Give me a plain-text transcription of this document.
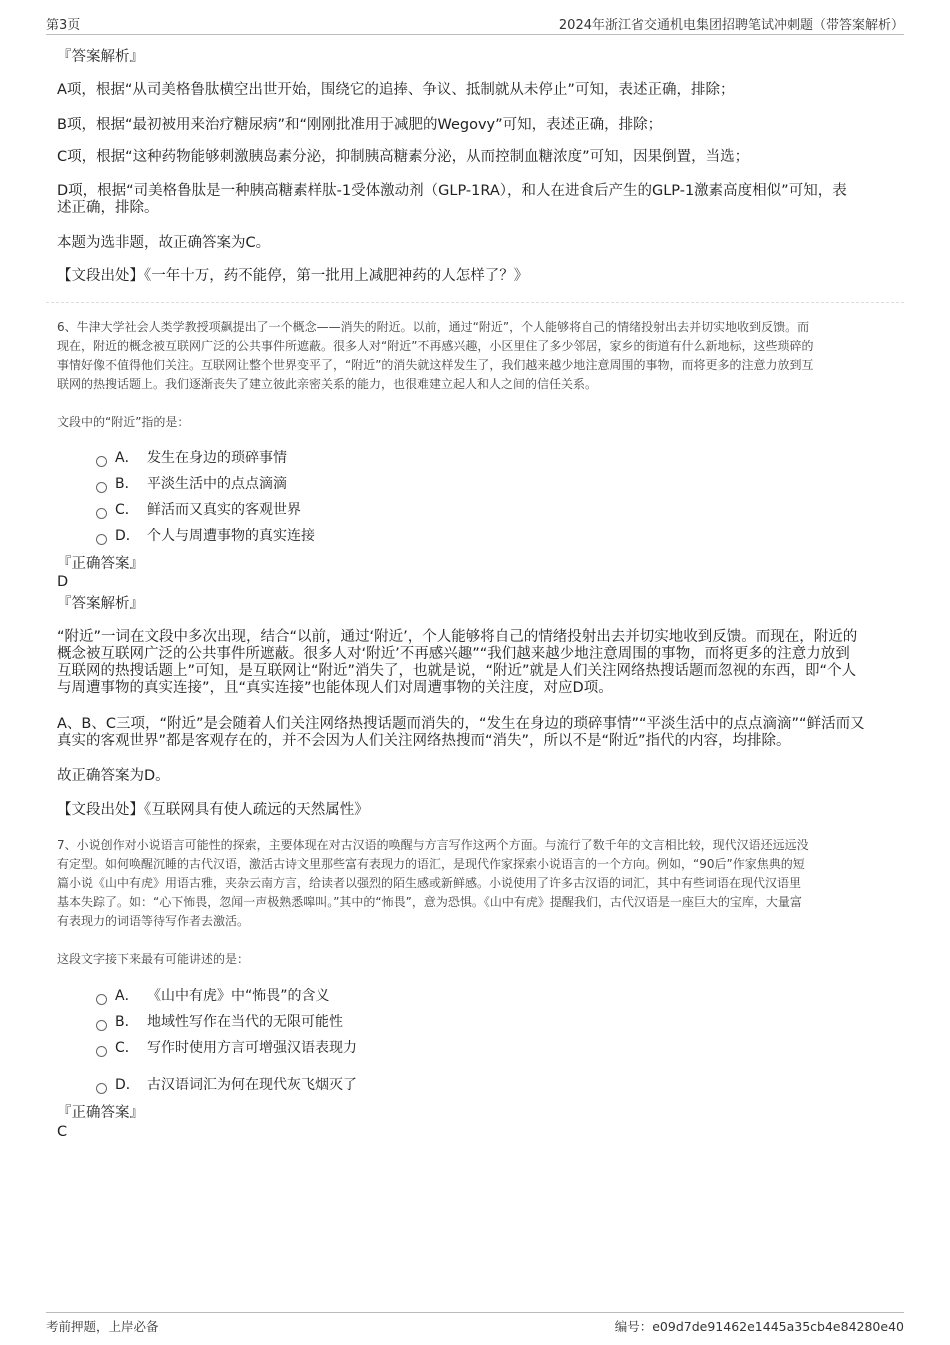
第3页	2024年浙江省交通机电集团招聘笔试冲刺题（带答案解析）
『答案解析』
A项，根据“从司美格鲁肽横空出世开始，围绕它的追捧、争议、抵制就从未停止”可知，表述正确，排除；
B项，根据“最初被用来治疗糖尿病”和“刚刚批准用于减肥的Wegovy”可知，表述正确，排除；
C项，根据“这种药物能够刺激胰岛素分泌，抑制胰高糖素分泌，从而控制血糖浓度”可知，因果倒置，当选；
D项，根据“司美格鲁肽是一种胰高糖素样肽-1受体激动剂（GLP-1RA），和人在进食后产生的GLP-1激素高度相似”可知，表
述正确，排除。
本题为选非题，故正确答案为C。
【文段出处】《一年十万，药不能停，第一批用上减肥神药的人怎样了？》
6、牛津大学社会人类学教授项飙提出了一个概念——消失的附近。以前，通过“附近”，个人能够将自己的情绪投射出去并切实地收到反馈。而
现在，附近的概念被互联网广泛的公共事件所遮蔽。很多人对“附近”不再感兴趣，小区里住了多少邻居，家乡的街道有什么新地标，这些琐碎的
事情好像不值得他们关注。互联网让整个世界变平了，“附近”的消失就这样发生了，我们越来越少地注意周围的事物，而将更多的注意力放到互
联网的热搜话题上。我们逐渐丧失了建立彼此亲密关系的能力，也很难建立起人和人之间的信任关系。
文段中的“附近”指的是：
A． 发生在身边的琐碎事情
B． 平淡生活中的点点滴滴
C． 鲜活而又真实的客观世界
D． 个人与周遭事物的真实连接
『正确答案』
D
『答案解析』
“附近”一词在文段中多次出现，结合“以前，通过‘附近’，个人能够将自己的情绪投射出去并切实地收到反馈。而现在，附近的
概念被互联网广泛的公共事件所遮蔽。很多人对‘附近’不再感兴趣”“我们越来越少地注意周围的事物，而将更多的注意力放到
互联网的热搜话题上”可知，是互联网让“附近”消失了，也就是说，“附近”就是人们关注网络热搜话题而忽视的东西，即“个人
与周遭事物的真实连接”，且“真实连接”也能体现人们对周遭事物的关注度，对应D项。
A、B、C三项，“附近”是会随着人们关注网络热搜话题而消失的，“发生在身边的琐碎事情”“平淡生活中的点点滴滴”“鲜活而又
真实的客观世界”都是客观存在的，并不会因为人们关注网络热搜而“消失”，所以不是“附近”指代的内容，均排除。
故正确答案为D。
【文段出处】《互联网具有使人疏远的天然属性》
7、小说创作对小说语言可能性的探索，主要体现在对古汉语的唤醒与方言写作这两个方面。与流行了数千年的文言相比较，现代汉语还远远没
有定型。如何唤醒沉睡的古代汉语，激活古诗文里那些富有表现力的语汇，是现代作家探索小说语言的一个方向。例如，“90后”作家焦典的短
篇小说《山中有虎》用语古雅，夹杂云南方言，给读者以强烈的陌生感或新鲜感。小说使用了许多古汉语的词汇，其中有些词语在现代汉语里
基本失踪了。如：“心下怖畏，忽闻一声极熟悉嗥叫。”其中的“怖畏”，意为恐惧。《山中有虎》提醒我们，古代汉语是一座巨大的宝库，大量富
有表现力的词语等待写作者去激活。
这段文字接下来最有可能讲述的是：
A． 《山中有虎》中“怖畏”的含义
B． 地域性写作在当代的无限可能性
C． 写作时使用方言可增强汉语表现力
D． 古汉语词汇为何在现代灰飞烟灭了
『正确答案』
C
考前押题，上岸必备	编号：e09d7de91462e1445a35cb4e84280e40
